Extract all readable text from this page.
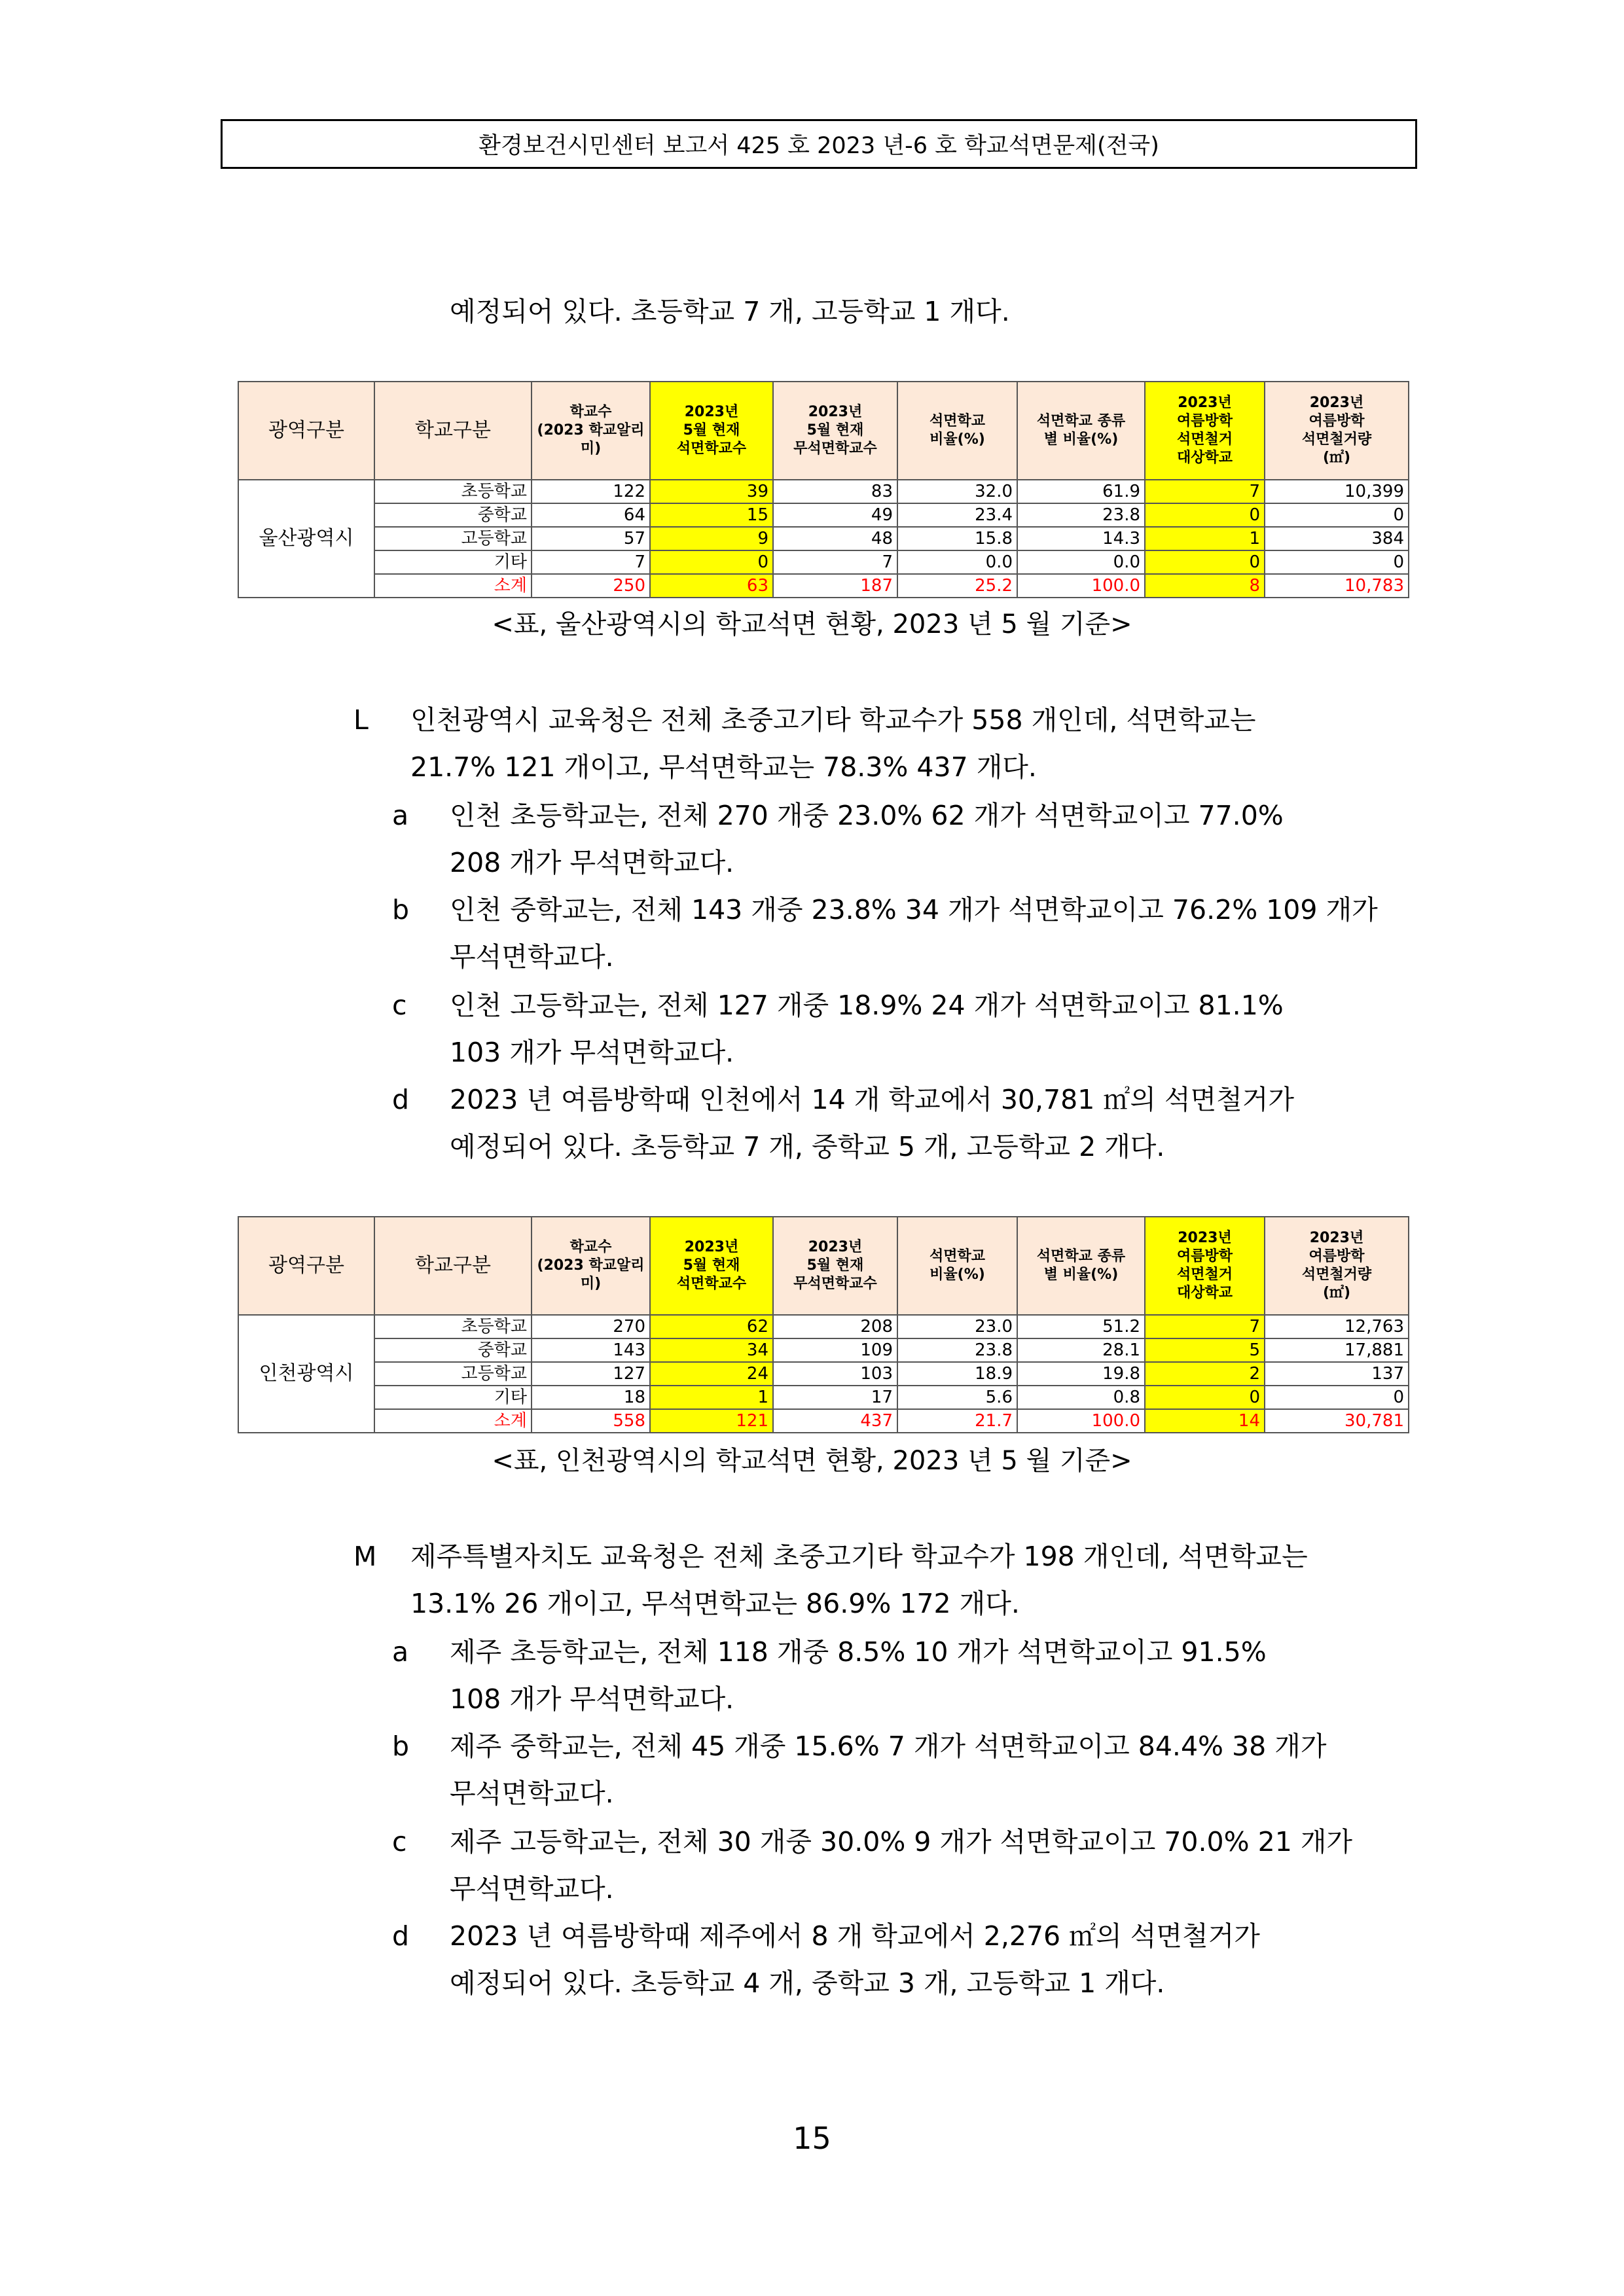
환경보건시민센터 보고서 425 호 2023 년-6 호 학교석면문제(전국)
예정되어 있다. 초등학교 7 개, 고등학교 1 개다.
광역구분	학교구분	학교수
(2023 학교알리
미)	2023년
5월 현재
석면학교수	2023년
5월 현재
무석면학교수	석면학교
비율(%)	석면학교 종류
별 비율(%)	2023년
여름방학
석면철거
대상학교	2023년
여름방학
석면철거량
(㎡)
울산광역시	초등학교	122	39	83	32.0	61.9	7	10,399
	중학교	64	15	49	23.4	23.8	0	0
	고등학교	57	9	48	15.8	14.3	1	384
	기타	7	0	7	0.0	0.0	0	0
	소계	250	63	187	25.2	100.0	8	10,783
<표, 울산광역시의 학교석면 현황, 2023 년 5 월 기준>
L 인천광역시 교육청은 전체 초중고기타 학교수가 558 개인데, 석면학교는
21.7% 121 개이고, 무석면학교는 78.3% 437 개다.
a 인천 초등학교는, 전체 270 개중 23.0% 62 개가 석면학교이고 77.0%
208 개가 무석면학교다.
b 인천 중학교는, 전체 143 개중 23.8% 34 개가 석면학교이고 76.2% 109 개가
무석면학교다.
c 인천 고등학교는, 전체 127 개중 18.9% 24 개가 석면학교이고 81.1%
103 개가 무석면학교다.
d 2023 년 여름방학때 인천에서 14 개 학교에서 30,781 ㎡의 석면철거가
예정되어 있다. 초등학교 7 개, 중학교 5 개, 고등학교 2 개다.
광역구분	학교구분	학교수
(2023 학교알리
미)	2023년
5월 현재
석면학교수	2023년
5월 현재
무석면학교수	석면학교
비율(%)	석면학교 종류
별 비율(%)	2023년
여름방학
석면철거
대상학교	2023년
여름방학
석면철거량
(㎡)
인천광역시	초등학교	270	62	208	23.0	51.2	7	12,763
	중학교	143	34	109	23.8	28.1	5	17,881
	고등학교	127	24	103	18.9	19.8	2	137
	기타	18	1	17	5.6	0.8	0	0
	소계	558	121	437	21.7	100.0	14	30,781
<표, 인천광역시의 학교석면 현황, 2023 년 5 월 기준>
M 제주특별자치도 교육청은 전체 초중고기타 학교수가 198 개인데, 석면학교는
13.1% 26 개이고, 무석면학교는 86.9% 172 개다.
a 제주 초등학교는, 전체 118 개중 8.5% 10 개가 석면학교이고 91.5%
108 개가 무석면학교다.
b 제주 중학교는, 전체 45 개중 15.6% 7 개가 석면학교이고 84.4% 38 개가
무석면학교다.
c 제주 고등학교는, 전체 30 개중 30.0% 9 개가 석면학교이고 70.0% 21 개가
무석면학교다.
d 2023 년 여름방학때 제주에서 8 개 학교에서 2,276 ㎡의 석면철거가
예정되어 있다. 초등학교 4 개, 중학교 3 개, 고등학교 1 개다.
15
